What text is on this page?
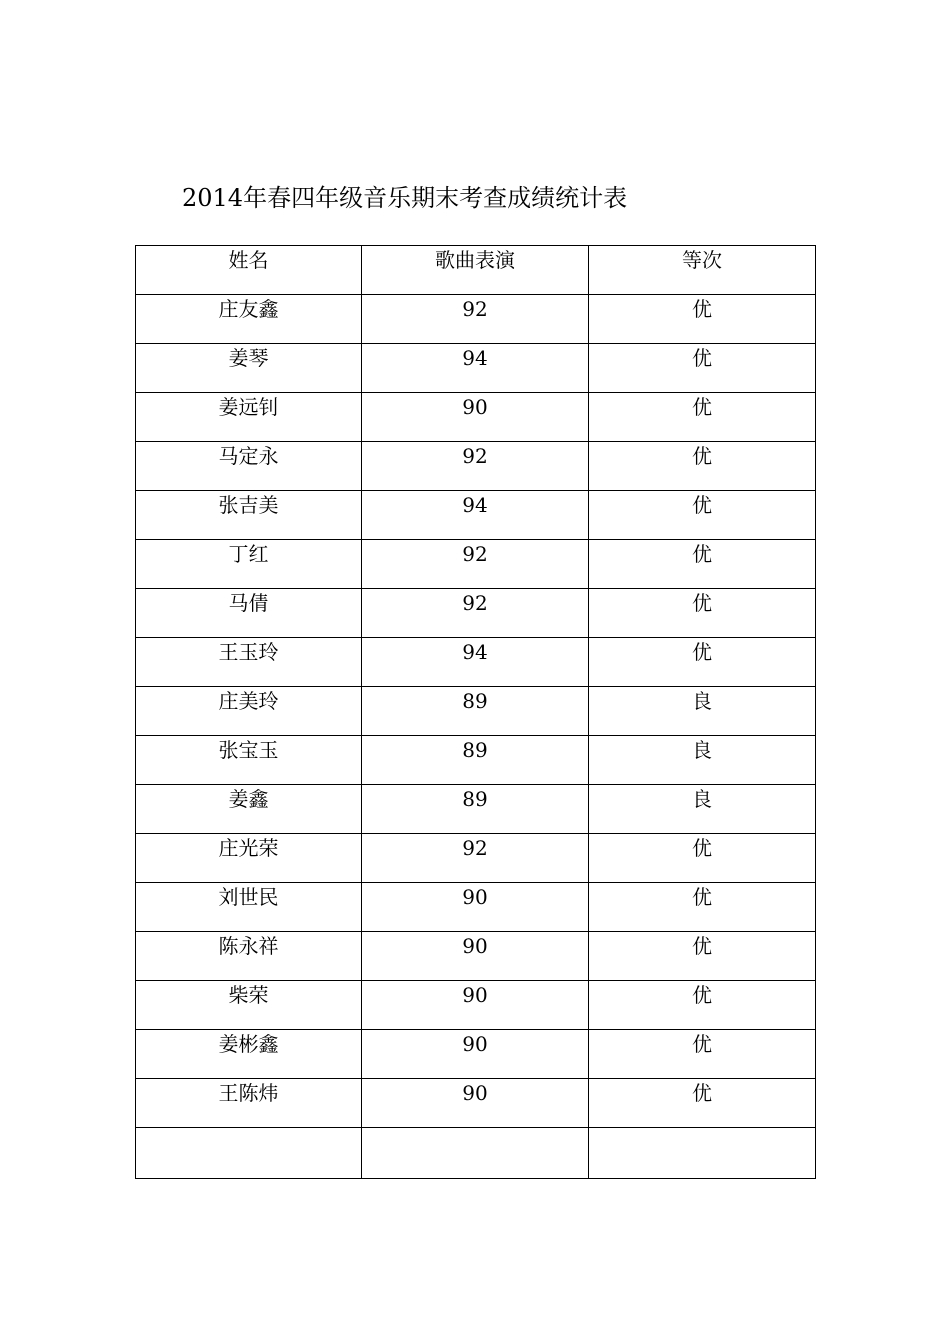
2014年春四年级音乐期末考查成绩统计表
姓名	歌曲表演	等次

庄友鑫	92	优

姜琴	94	优

姜远钊	90	优

马定永	92	优

张吉美	94	优

丁红	92	优

马倩	92	优

王玉玲	94	优

庄美玲	89	良

张宝玉	89	良

姜鑫	89	良

庄光荣	92	优

刘世民	90	优

陈永祥	90	优

柴荣	90	优

姜彬鑫	90	优

王陈炜	90	优
